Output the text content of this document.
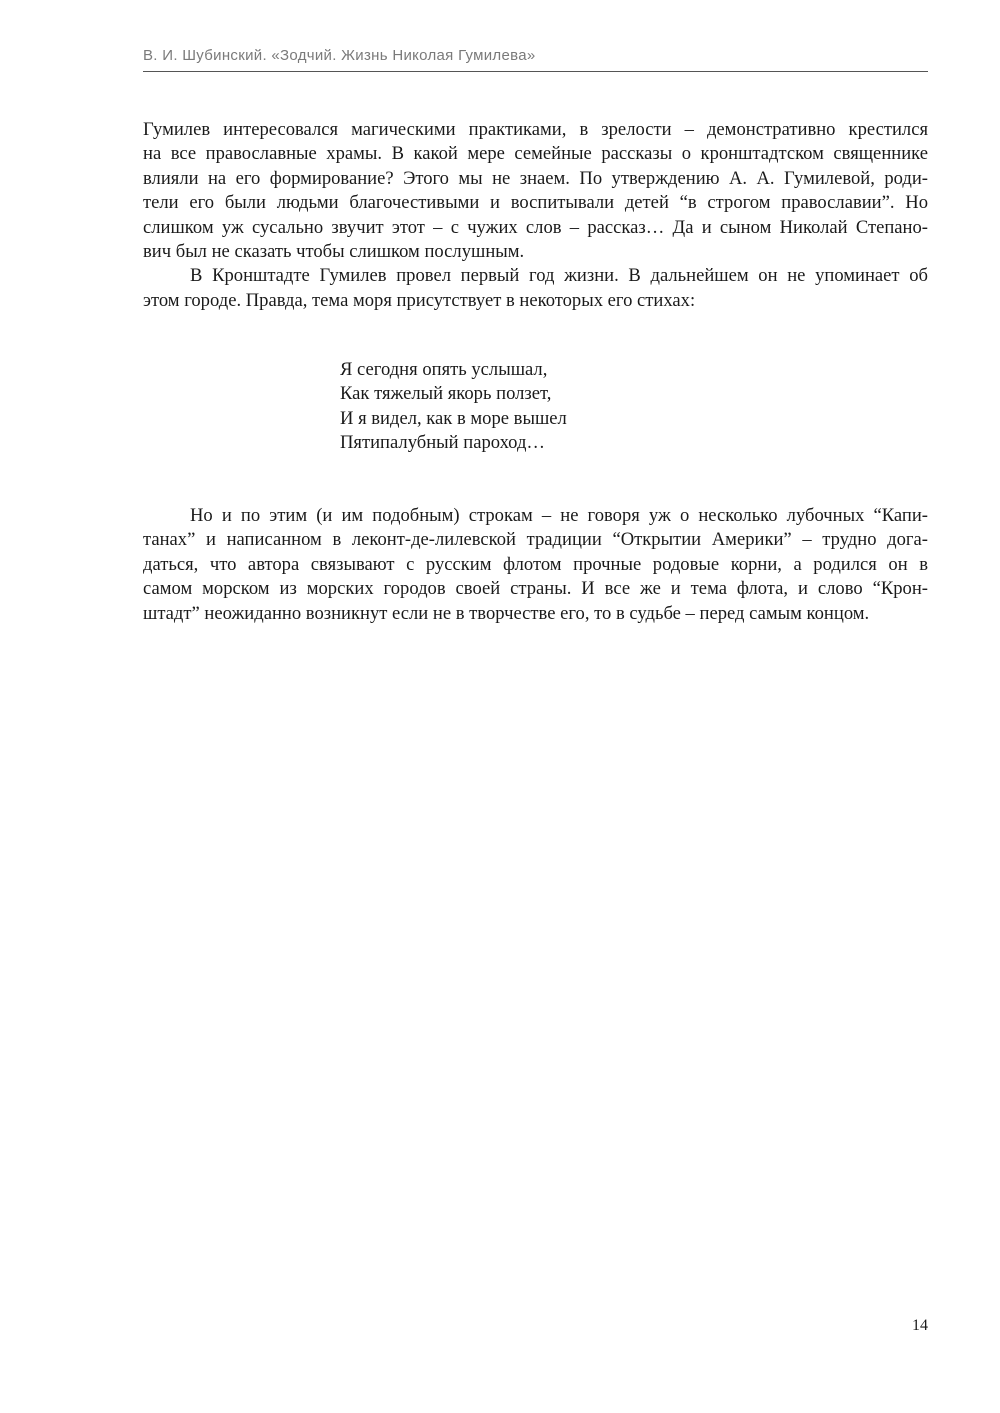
В. И. Шубинский. «Зодчий. Жизнь Николая Гумилева»

Гумилев интересовался магическими практиками, в зрелости – демонстративно крестился
на все православные храмы. В какой мере семейные рассказы о кронштадтском священнике
влияли на его формирование? Этого мы не знаем. По утверждению А. А. Гумилевой, роди-
тели его были людьми благочестивыми и воспитывали детей “в строгом православии”. Но
слишком уж сусально звучит этот – с чужих слов – рассказ… Да и сыном Николай Степано-
вич был не сказать чтобы слишком послушным.

В Кронштадте Гумилев провел первый год жизни. В дальнейшем он не упоминает об
этом городе. Правда, тема моря присутствует в некоторых его стихах:

Я сегодня опять услышал,
Как тяжелый якорь ползет,
И я видел, как в море вышел
Пятипалубный пароход…

Но и по этим (и им подобным) строкам – не говоря уж о несколько лубочных “Капи-
танах” и написанном в леконт-де-лилевской традиции “Открытии Америки” – трудно дога-
даться, что автора связывают с русским флотом прочные родовые корни, а родился он в
самом морском из морских городов своей страны. И все же и тема флота, и слово “Крон-
штадт” неожиданно возникнут если не в творчестве его, то в судьбе – перед самым концом.

14
